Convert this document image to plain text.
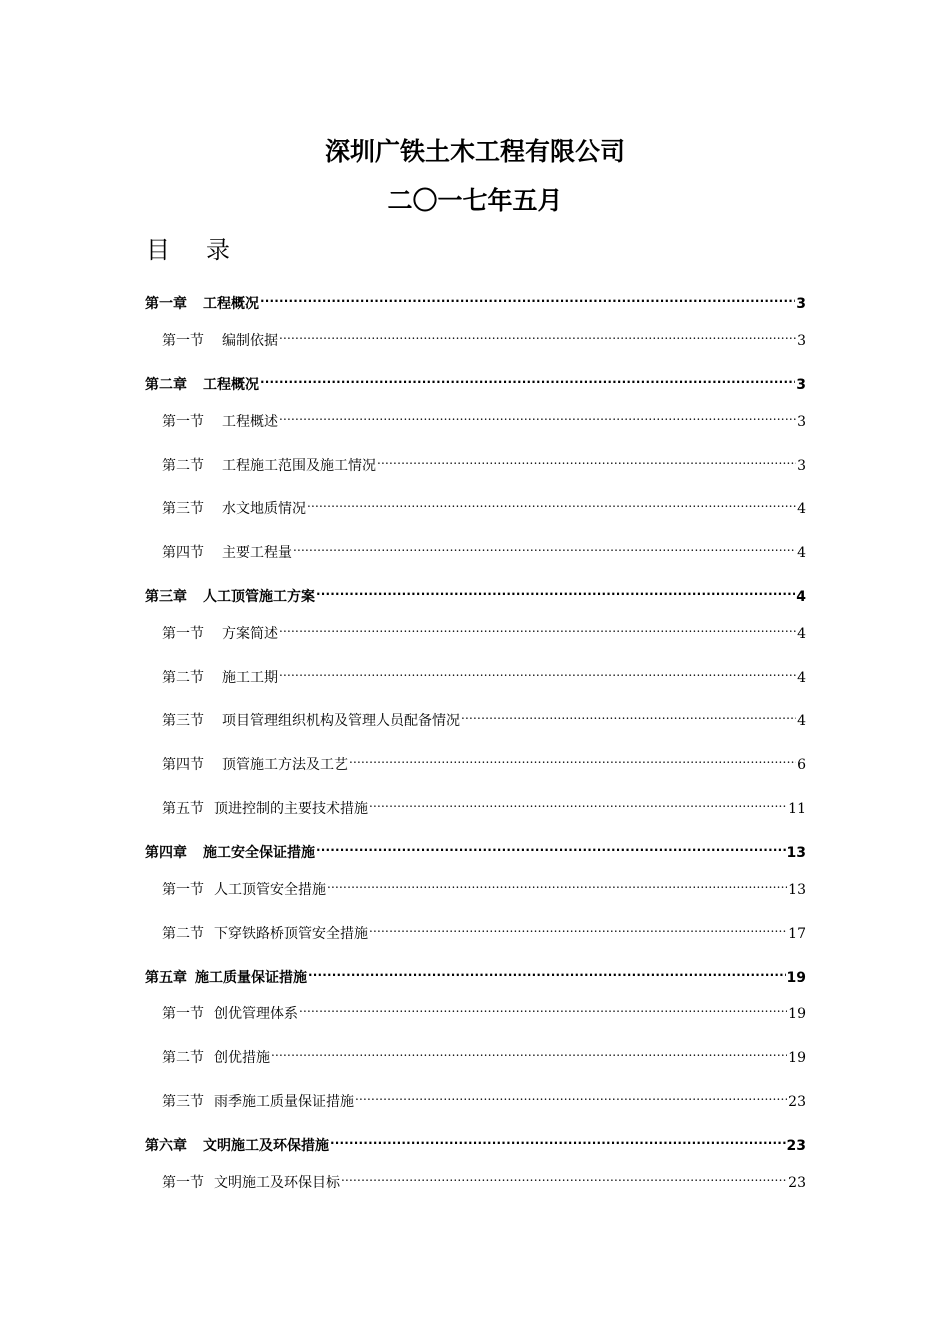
深圳广铁土木工程有限公司
二〇一七年五月
目 录
第一章 工程概况 .....	3
第一节 编制依据 .....	3
第二章 工程概况 .....	3
第一节 工程概述 .....	3
第二节 工程施工范围及施工情况 .....	3
第三节 水文地质情况 .....	4
第四节 主要工程量 .....	4
第三章 人工顶管施工方案 .....	4
第一节 方案简述 .....	4
第二节 施工工期 .....	4
第三节 项目管理组织机构及管理人员配备情况 .....	4
第四节 顶管施工方法及工艺 .....	6
第五节 顶进控制的主要技术措施 .....	11
第四章 施工安全保证措施 .....	13
第一节 人工顶管安全措施 .....	13
第二节 下穿铁路桥顶管安全措施 .....	17
第五章 施工质量保证措施 .....	19
第一节 创优管理体系 .....	19
第二节 创优措施 .....	19
第三节 雨季施工质量保证措施 .....	23
第六章 文明施工及环保措施 .....	23
第一节 文明施工及环保目标 .....	23
